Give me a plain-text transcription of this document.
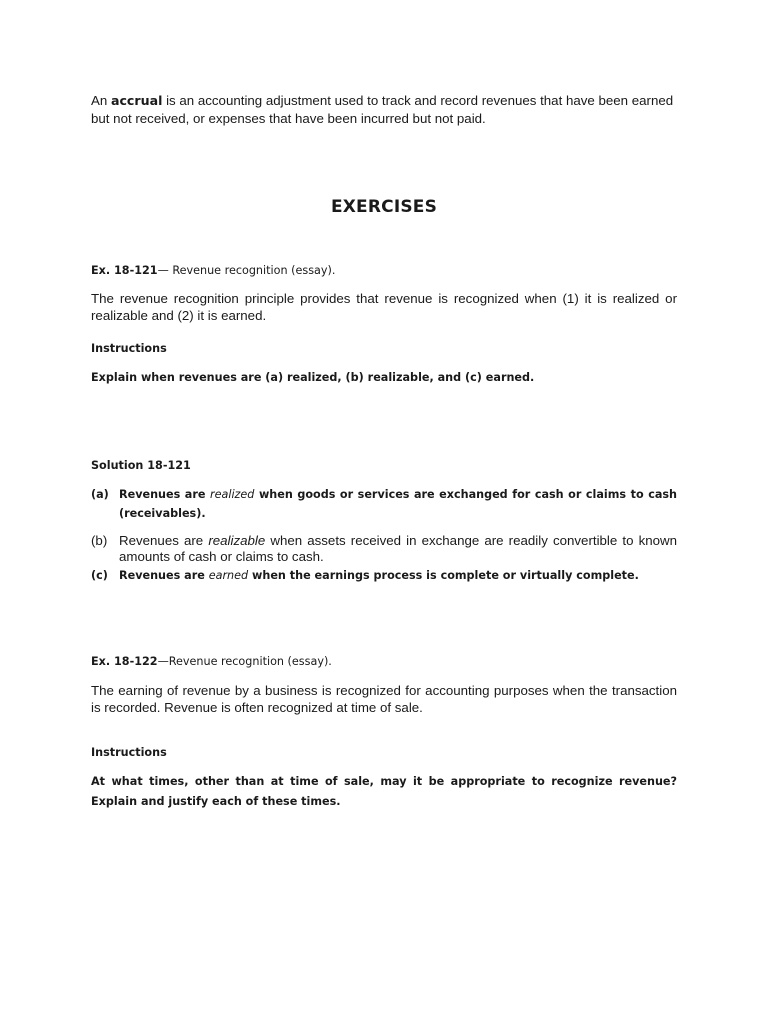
An accrual is an accounting adjustment used to track and record revenues that have been earned but not received, or expenses that have been incurred but not paid.

EXERCISES

Ex. 18-121— Revenue recognition (essay).

The revenue recognition principle provides that revenue is recognized when (1) it is realized or realizable and (2) it is earned.

Instructions

Explain when revenues are (a) realized, (b) realizable, and (c) earned.

Solution 18-121

(a) Revenues are realized when goods or services are exchanged for cash or claims to cash (receivables).
(b) Revenues are realizable when assets received in exchange are readily convertible to known amounts of cash or claims to cash.
(c) Revenues are earned when the earnings process is complete or virtually complete.

Ex. 18-122—Revenue recognition (essay).

The earning of revenue by a business is recognized for accounting purposes when the transaction is recorded. Revenue is often recognized at time of sale.

Instructions

At what times, other than at time of sale, may it be appropriate to recognize revenue? Explain and justify each of these times.
